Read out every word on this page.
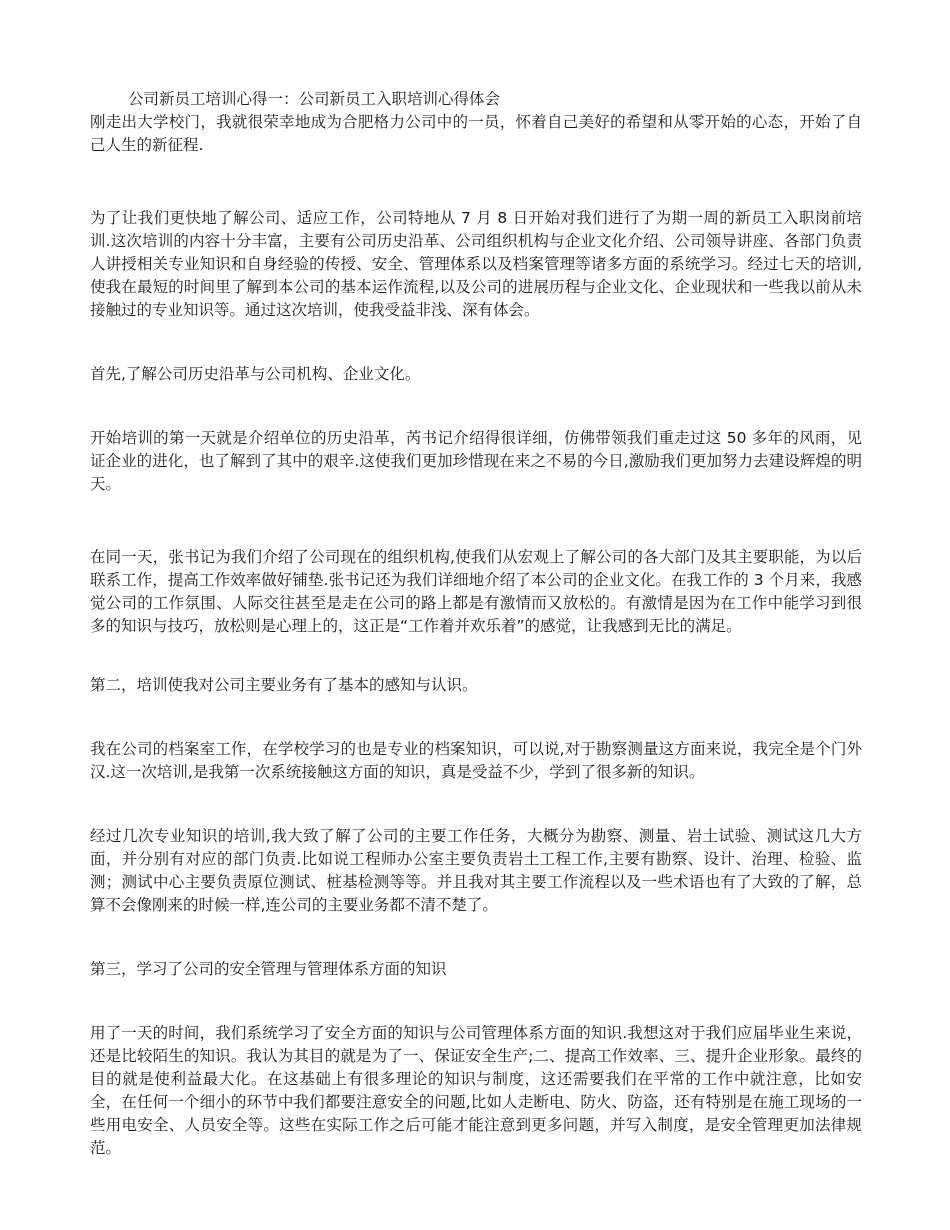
公司新员工培训心得一：公司新员工入职培训心得体会

刚走出大学校门，我就很荣幸地成为合肥格力公司中的一员，怀着自己美好的希望和从零开始的心态，开始了自己人生的新征程.

为了让我们更快地了解公司、适应工作，公司特地从 7 月 8 日开始对我们进行了为期一周的新员工入职岗前培训.这次培训的内容十分丰富，主要有公司历史沿革、公司组织机构与企业文化介绍、公司领导讲座、各部门负责人讲授相关专业知识和自身经验的传授、安全、管理体系以及档案管理等诸多方面的系统学习。经过七天的培训,使我在最短的时间里了解到本公司的基本运作流程,以及公司的进展历程与企业文化、企业现状和一些我以前从未接触过的专业知识等。通过这次培训，使我受益非浅、深有体会。

首先,了解公司历史沿革与公司机构、企业文化。

开始培训的第一天就是介绍单位的历史沿革，芮书记介绍得很详细，仿佛带领我们重走过这 50 多年的风雨，见证企业的进化，也了解到了其中的艰辛.这使我们更加珍惜现在来之不易的今日,激励我们更加努力去建设辉煌的明天。

在同一天，张书记为我们介绍了公司现在的组织机构,使我们从宏观上了解公司的各大部门及其主要职能，为以后联系工作，提高工作效率做好铺垫.张书记还为我们详细地介绍了本公司的企业文化。在我工作的 3 个月来，我感觉公司的工作氛围、人际交往甚至是走在公司的路上都是有激情而又放松的。有激情是因为在工作中能学习到很多的知识与技巧，放松则是心理上的，这正是“工作着并欢乐着”的感觉，让我感到无比的满足。

第二，培训使我对公司主要业务有了基本的感知与认识。

我在公司的档案室工作，在学校学习的也是专业的档案知识，可以说,对于勘察测量这方面来说，我完全是个门外汉.这一次培训,是我第一次系统接触这方面的知识，真是受益不少，学到了很多新的知识。

经过几次专业知识的培训,我大致了解了公司的主要工作任务，大概分为勘察、测量、岩土试验、测试这几大方面，并分别有对应的部门负责.比如说工程师办公室主要负责岩土工程工作,主要有勘察、设计、治理、检验、监测；测试中心主要负责原位测试、桩基检测等等。并且我对其主要工作流程以及一些术语也有了大致的了解，总算不会像刚来的时候一样,连公司的主要业务都不清不楚了。

第三，学习了公司的安全管理与管理体系方面的知识

用了一天的时间，我们系统学习了安全方面的知识与公司管理体系方面的知识.我想这对于我们应届毕业生来说，还是比较陌生的知识。我认为其目的就是为了一、保证安全生产;二、提高工作效率、三、提升企业形象。最终的目的就是使利益最大化。在这基础上有很多理论的知识与制度，这还需要我们在平常的工作中就注意，比如安全，在任何一个细小的环节中我们都要注意安全的问题,比如人走断电、防火、防盗，还有特别是在施工现场的一些用电安全、人员安全等。这些在实际工作之后可能才能注意到更多问题，并写入制度，是安全管理更加法律规范。
